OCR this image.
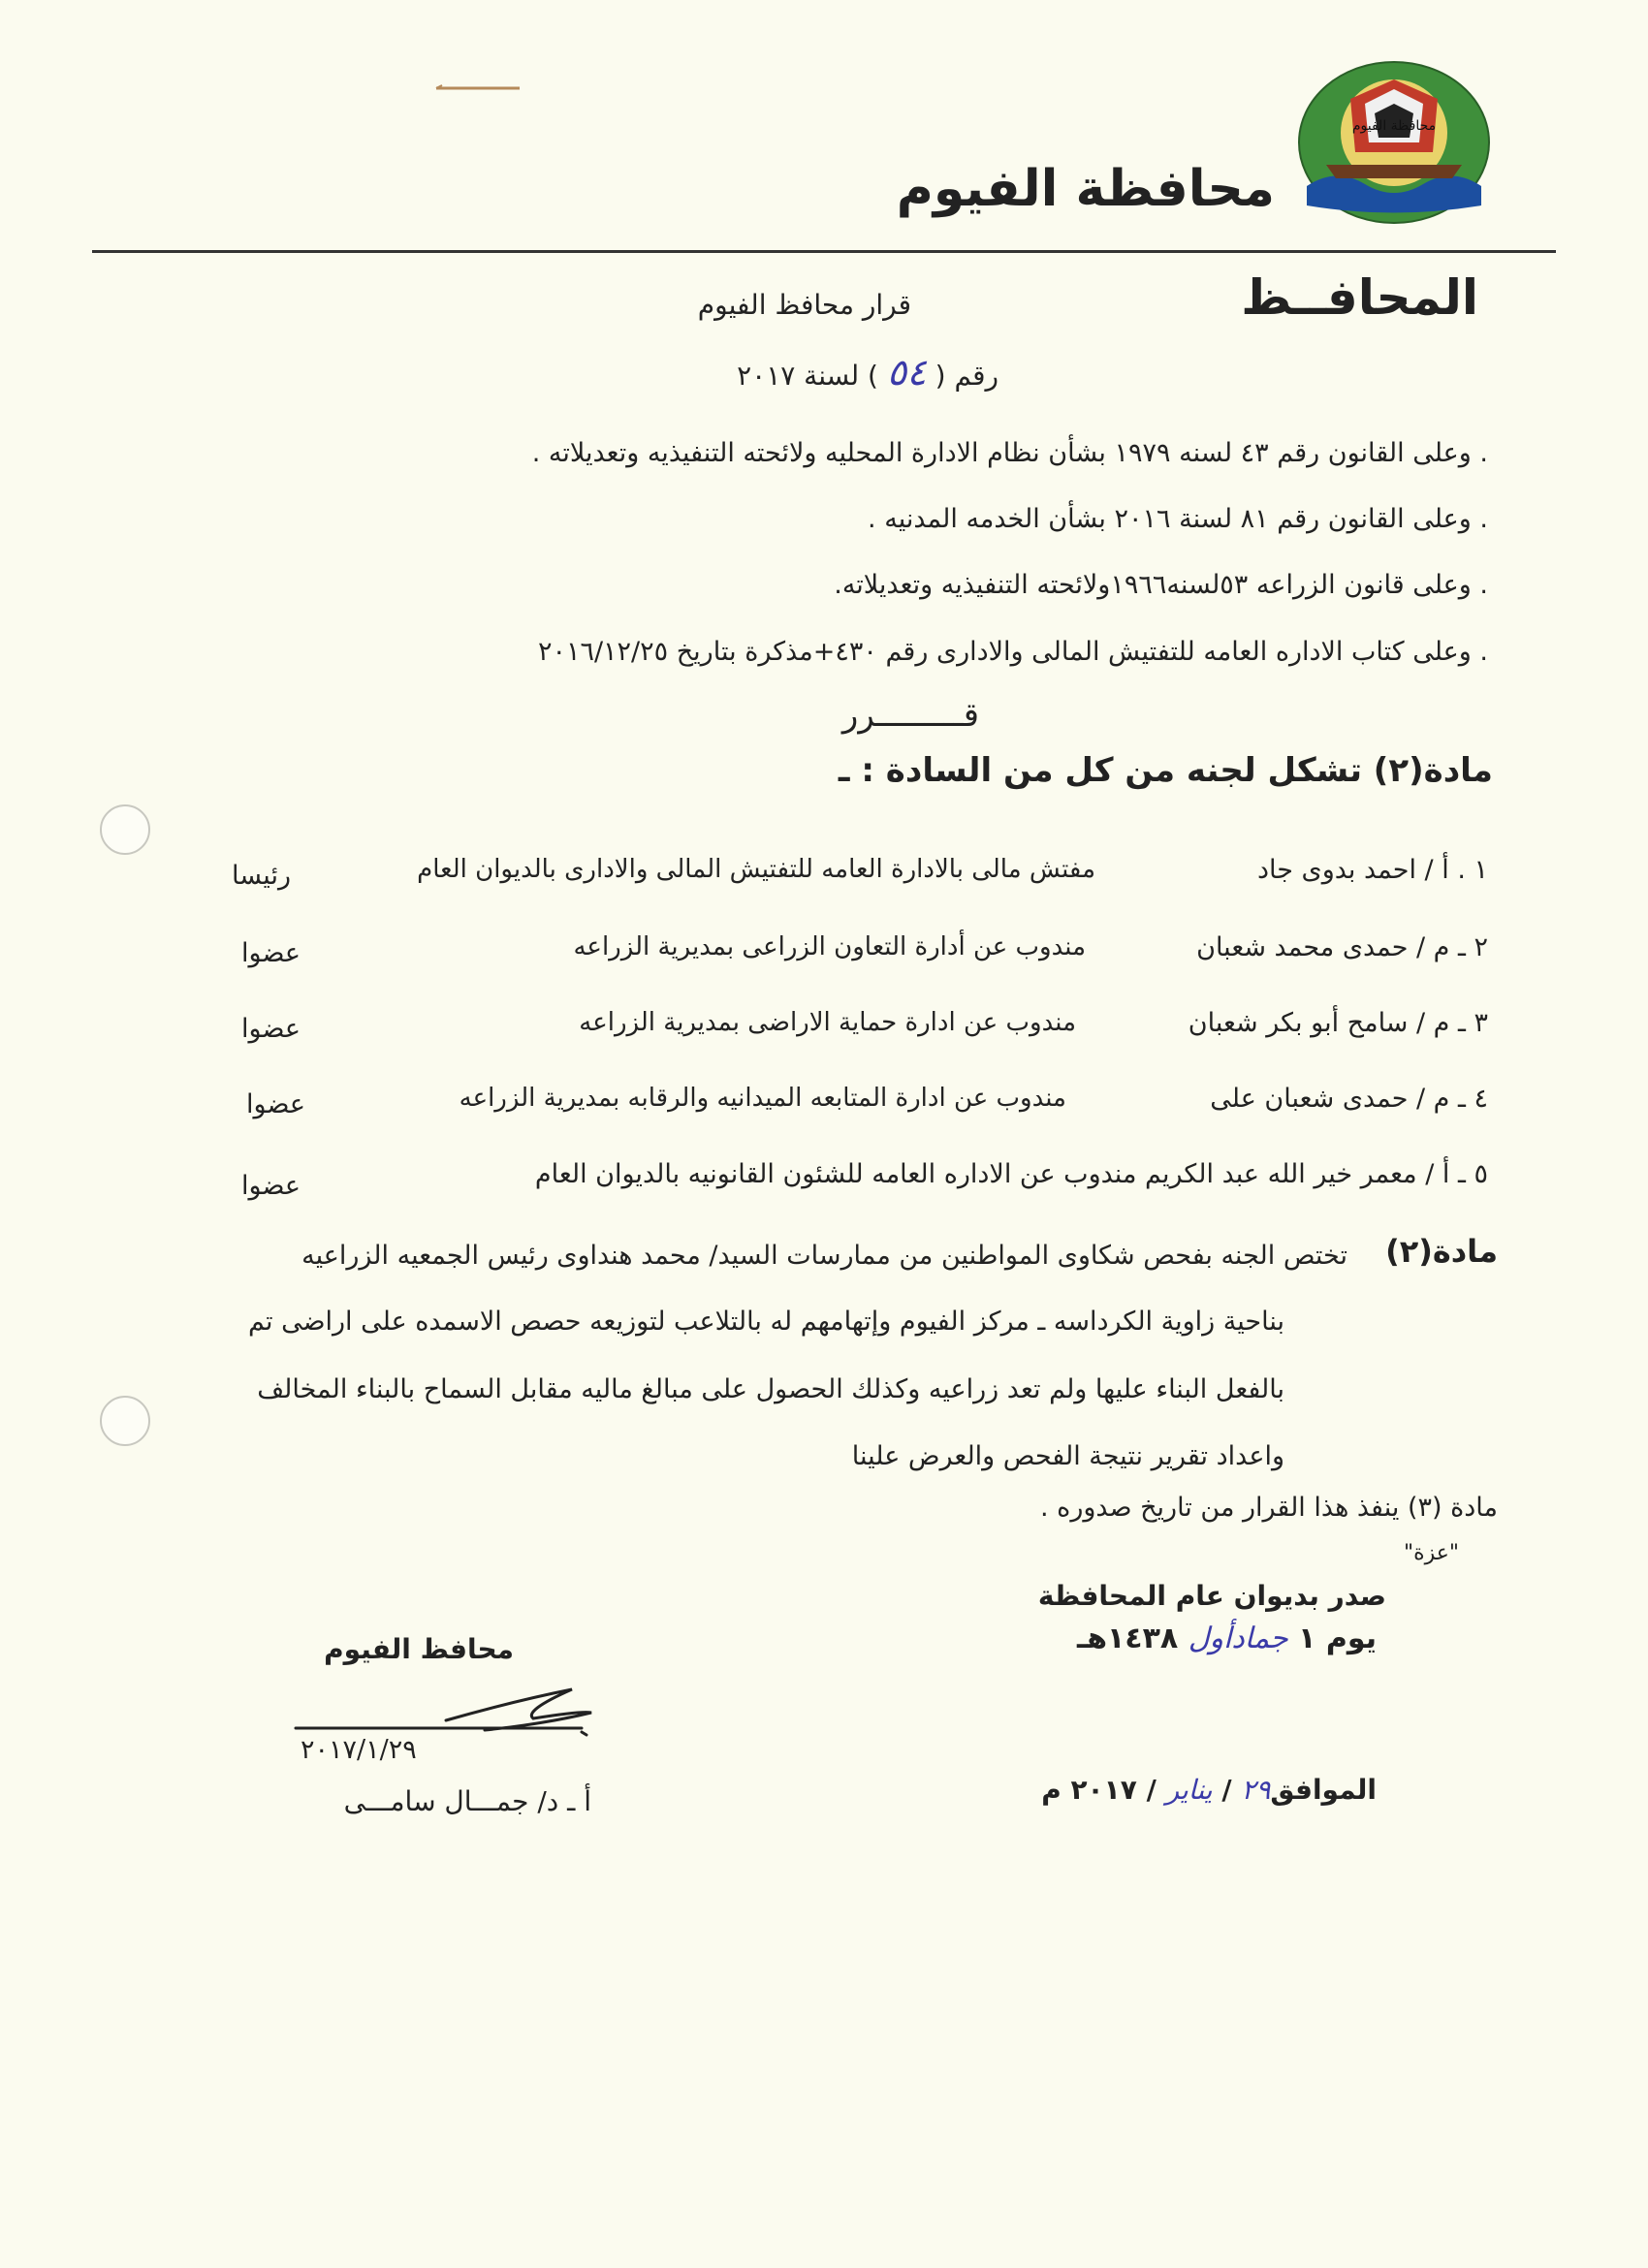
محافظة الفيوم
محافظة الفيوم
المحافــظ
قرار محافظ الفيوم
رقم ( ٥٤ ) لسنة ٢٠١٧
. وعلى القانون رقم ٤٣ لسنه ١٩٧٩ بشأن نظام الادارة المحليه ولائحته التنفيذيه وتعديلاته .
. وعلى القانون رقم ٨١ لسنة ٢٠١٦ بشأن الخدمه المدنيه .
. وعلى قانون الزراعه ٥٣لسنه١٩٦٦ولائحته التنفيذيه وتعديلاته.
. وعلى كتاب الاداره العامه للتفتيش المالى والادارى رقم ٤٣٠+مذكرة بتاريخ ٢٠١٦/١٢/٢٥
قـــــــــرر
مادة(٢) تشكل لجنه من كل من السادة : ـ
١ . أ / احمد بدوى جاد
مفتش مالى بالادارة العامه للتفتيش المالى والادارى بالديوان العام
رئيسا
٢ ـ م / حمدى محمد شعبان
مندوب عن أدارة التعاون الزراعى بمديرية الزراعه
عضوا
٣ ـ م / سامح أبو بكر شعبان
مندوب عن ادارة حماية الاراضى بمديرية الزراعه
عضوا
٤ ـ م / حمدى شعبان على
مندوب عن ادارة المتابعه الميدانيه والرقابه بمديرية الزراعه
عضوا
٥ ـ أ / معمر خير الله عبد الكريم مندوب عن الاداره العامه للشئون القانونيه بالديوان العام
عضوا
مادة(٢)
تختص الجنه بفحص شكاوى المواطنين من ممارسات السيد/ محمد هنداوى رئيس الجمعيه الزراعيه
بناحية زاوية الكرداسه ـ مركز الفيوم وإتهامهم له بالتلاعب لتوزيعه حصص الاسمده على اراضى تم
بالفعل البناء عليها ولم تعد زراعيه وكذلك الحصول على مبالغ ماليه مقابل السماح بالبناء المخالف
واعداد تقرير نتيجة الفحص والعرض علينا
مادة (٣) ينفذ هذا القرار من تاريخ صدوره .
"عزة"
صدر بديوان عام المحافظة
يوم ١ جمادأول ١٤٣٨هـ
الموافق٢٩ / يناير / ٢٠١٧ م
محافظ الفيوم
٢٠١٧/١/٢٩
أ ـ د/ جمـــال سامـــى
